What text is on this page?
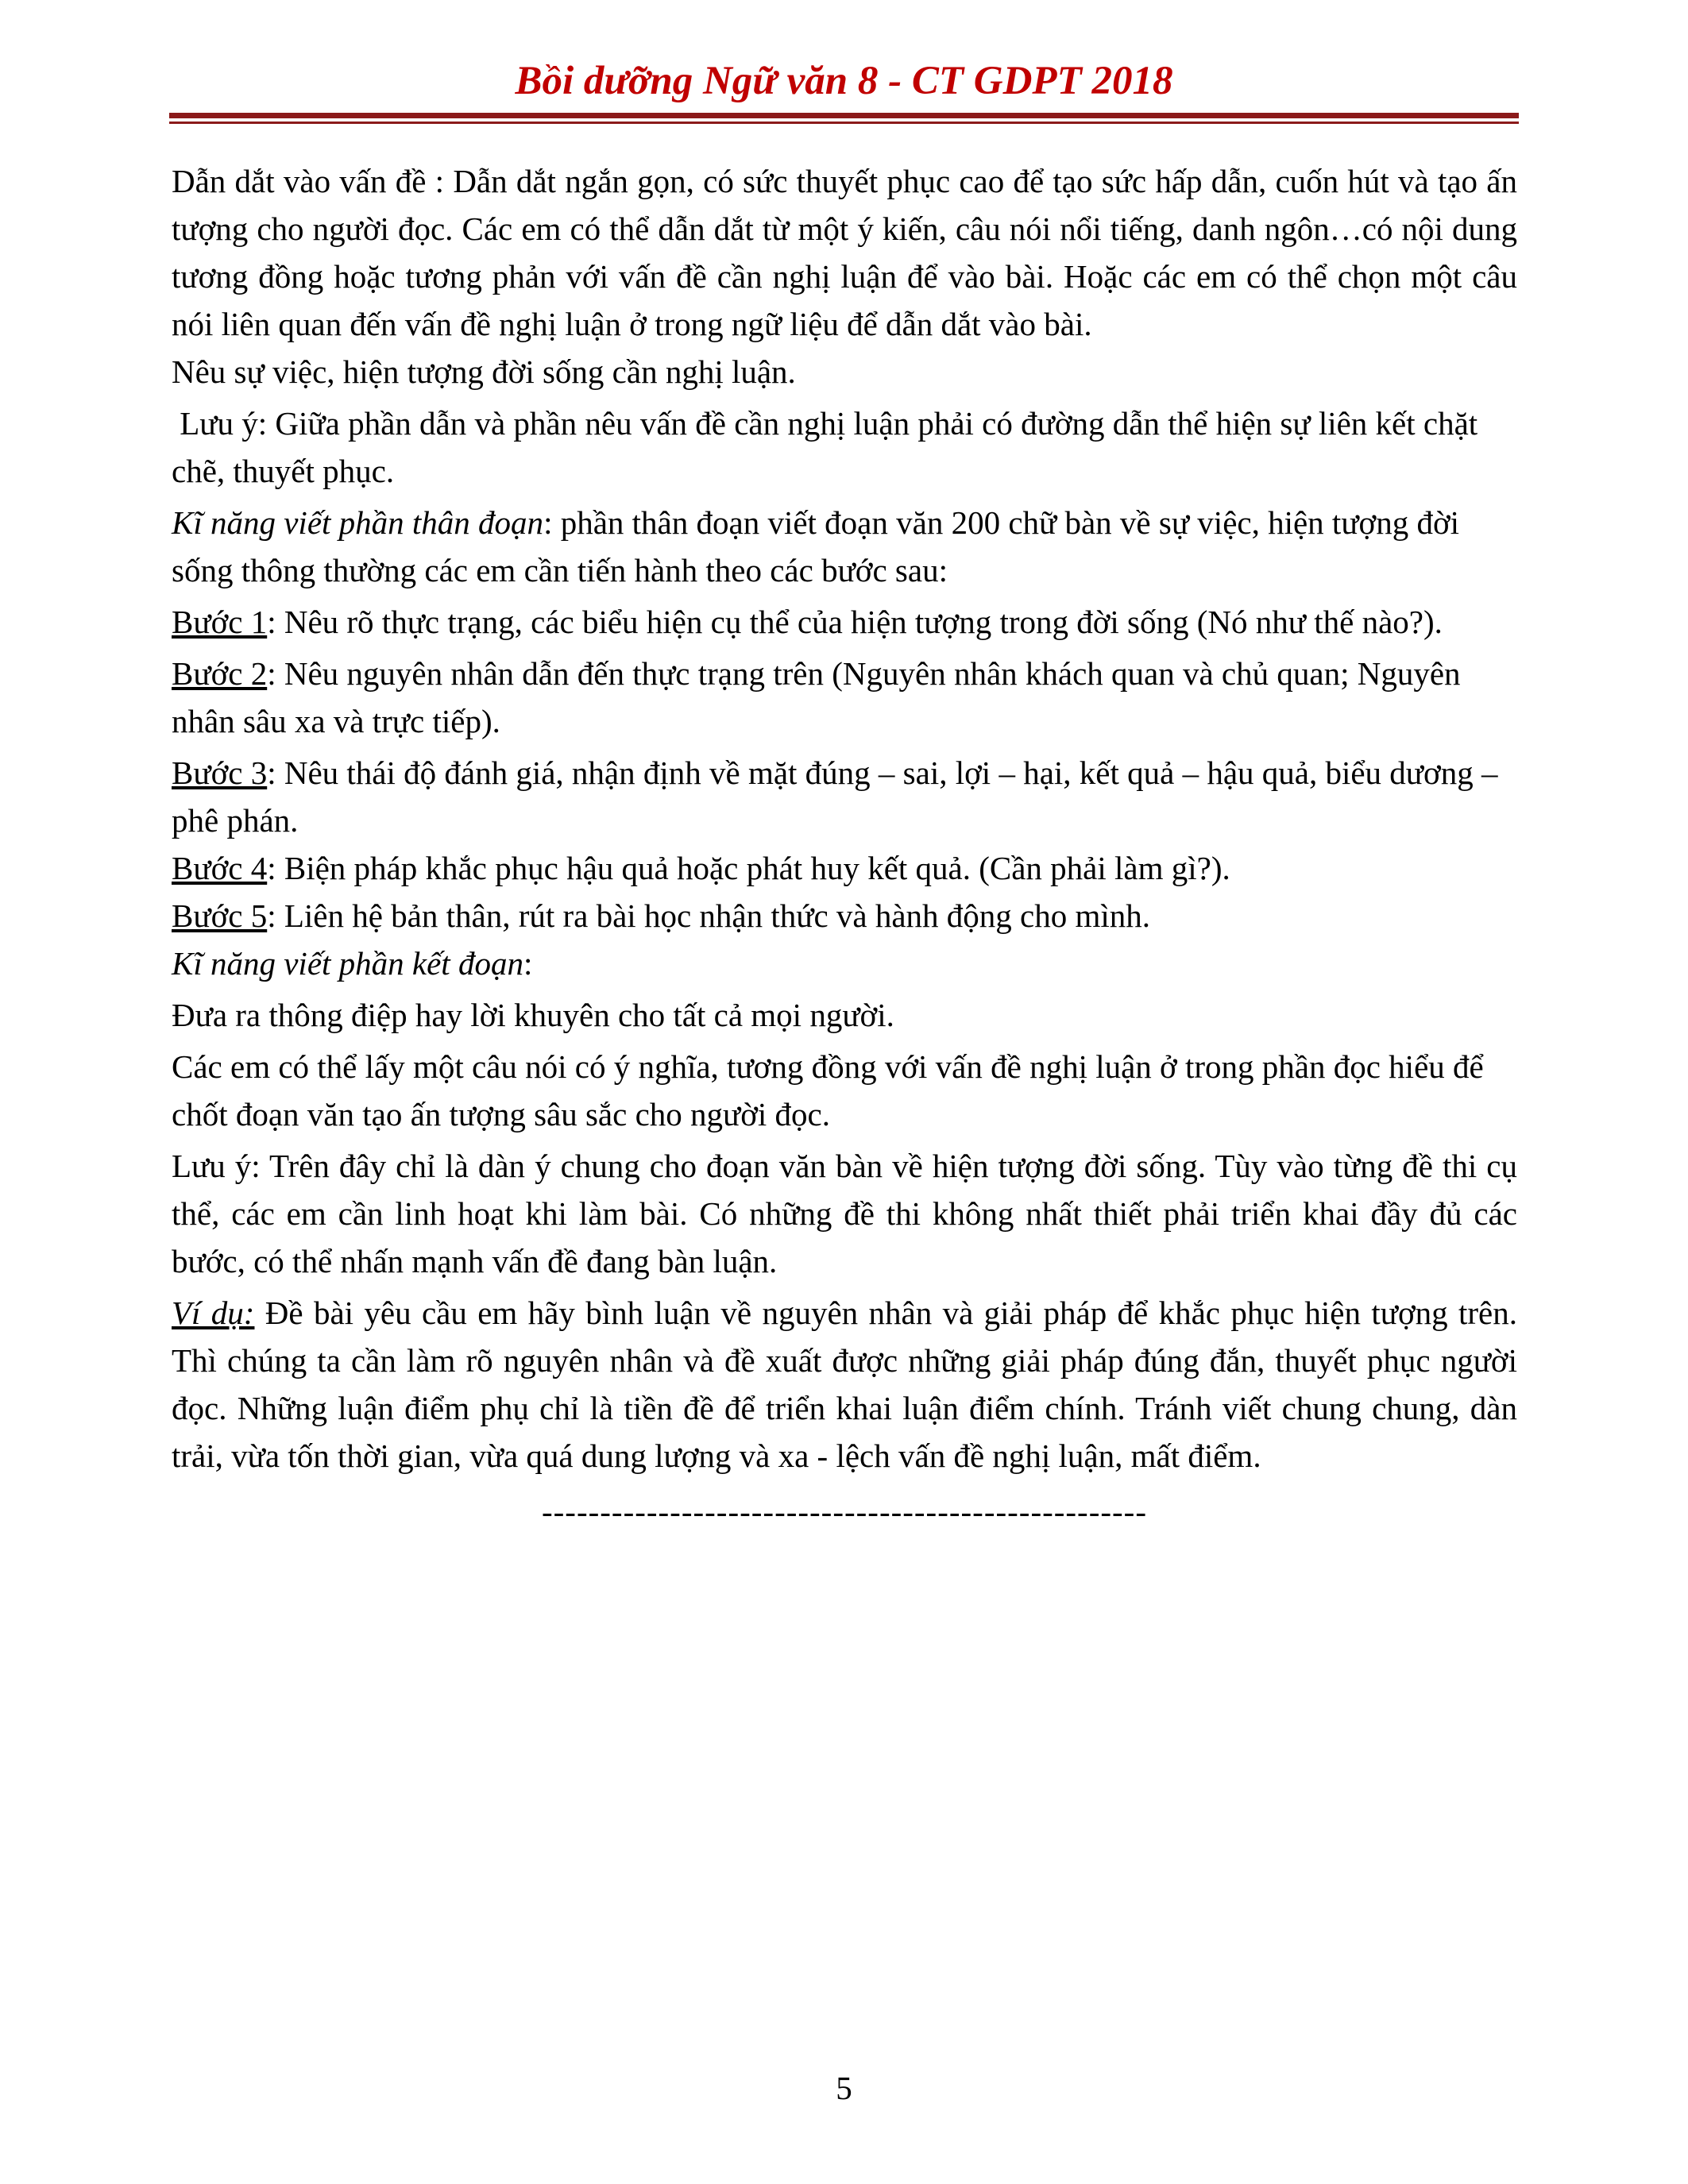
Bồi dưỡng Ngữ văn 8 - CT GDPT 2018

Dẫn dắt vào vấn đề : Dẫn dắt ngắn gọn, có sức thuyết phục cao để tạo sức hấp dẫn, cuốn hút và tạo ấn tượng cho người đọc. Các em có thể dẫn dắt từ một ý kiến, câu nói nổi tiếng, danh ngôn…có nội dung tương đồng hoặc tương phản với vấn đề cần nghị luận để vào bài. Hoặc các em có thể chọn một câu nói liên quan đến vấn đề nghị luận ở trong ngữ liệu để dẫn dắt vào bài.

Nêu sự việc, hiện tượng đời sống cần nghị luận.

Lưu ý: Giữa phần dẫn và phần nêu vấn đề cần nghị luận phải có đường dẫn thể hiện sự liên kết chặt chẽ, thuyết phục.

Kĩ năng viết phần thân đoạn: phần thân đoạn viết đoạn văn 200 chữ bàn về sự việc, hiện tượng đời sống thông thường các em cần tiến hành theo các bước sau:

Bước 1: Nêu rõ thực trạng, các biểu hiện cụ thể của hiện tượng trong đời sống (Nó như thế nào?).

Bước 2: Nêu nguyên nhân dẫn đến thực trạng trên (Nguyên nhân khách quan và chủ quan; Nguyên nhân sâu xa và trực tiếp).

Bước 3: Nêu thái độ đánh giá, nhận định về mặt đúng – sai, lợi – hại, kết quả – hậu quả, biểu dương – phê phán.

Bước 4: Biện pháp khắc phục hậu quả hoặc phát huy kết quả. (Cần phải làm gì?).

Bước 5: Liên hệ bản thân, rút ra bài học nhận thức và hành động cho mình.

Kĩ năng viết phần kết đoạn:

Đưa ra thông điệp hay lời khuyên cho tất cả mọi người.

Các em có thể lấy một câu nói có ý nghĩa, tương đồng với vấn đề nghị luận ở trong phần đọc hiểu để chốt đoạn văn tạo ấn tượng sâu sắc cho người đọc.

Lưu ý: Trên đây chỉ là dàn ý chung cho đoạn văn bàn về hiện tượng đời sống. Tùy vào từng đề thi cụ thể, các em cần linh hoạt khi làm bài. Có những đề thi không nhất thiết phải triển khai đầy đủ các bước, có thể nhấn mạnh vấn đề đang bàn luận.

Ví dụ: Đề bài yêu cầu em hãy bình luận về nguyên nhân và giải pháp để khắc phục hiện tượng trên. Thì chúng ta cần làm rõ nguyên nhân và đề xuất được những giải pháp đúng đắn, thuyết phục người đọc. Những luận điểm phụ chỉ là tiền đề để triển khai luận điểm chính. Tránh viết chung chung, dàn trải, vừa tốn thời gian, vừa quá dung lượng và xa - lệch vấn đề nghị luận, mất điểm.

----------------------------------------------------

5
